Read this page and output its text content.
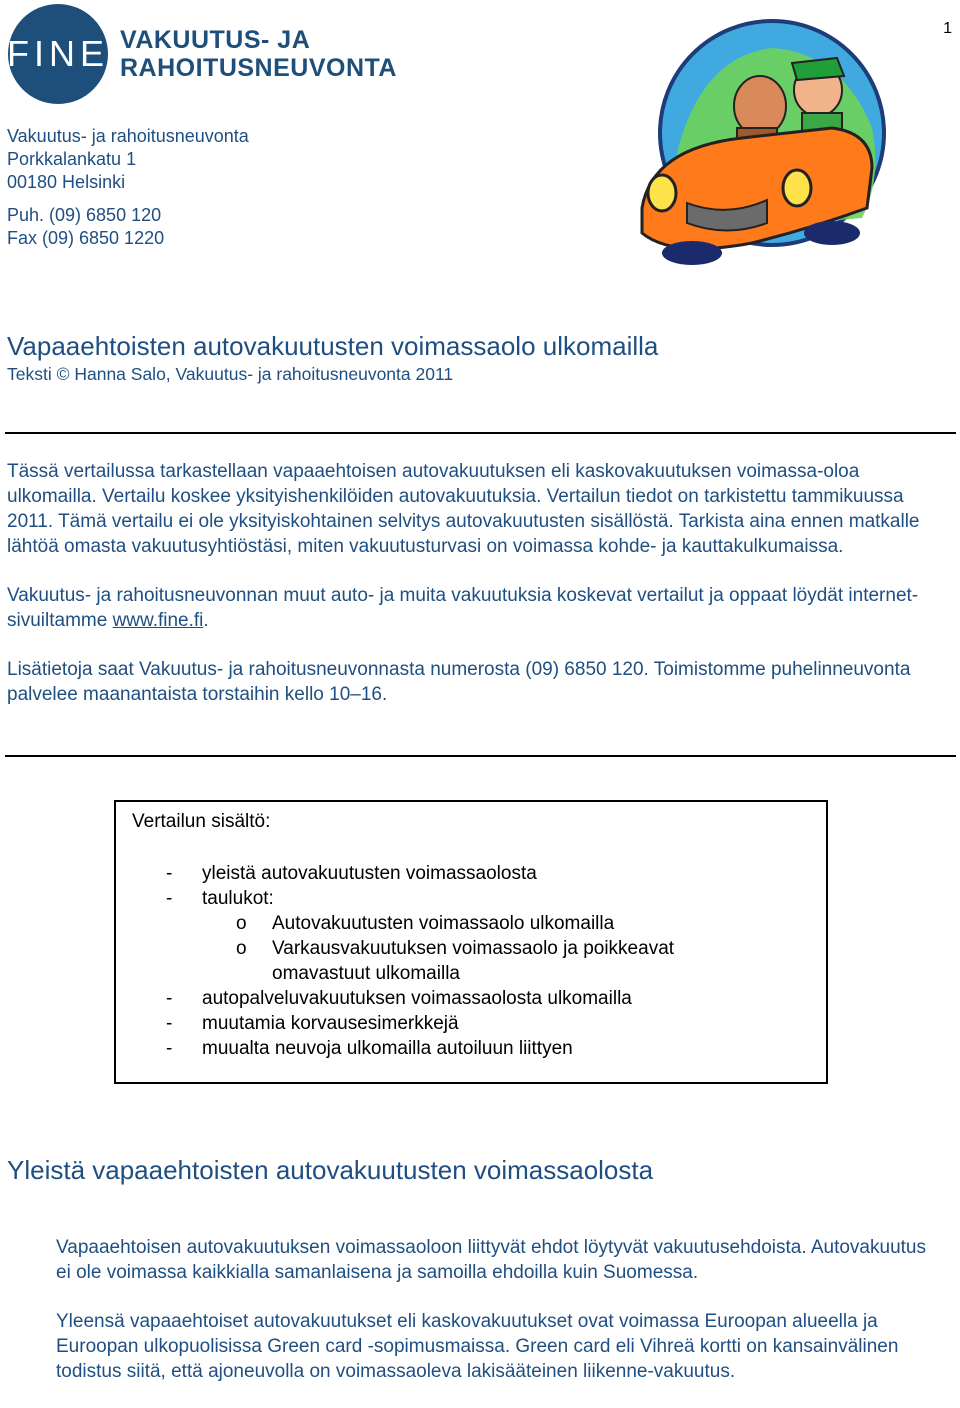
1
FINE VAKUUTUS- JA
RAHOITUSNEUVONTA
Vakuutus- ja rahoitusneuvonta
Porkkalankatu 1
00180 Helsinki
Puh. (09) 6850 120
Fax (09) 6850 1220
Vapaaehtoisten autovakuutusten voimassaolo ulkomailla
Teksti © Hanna Salo, Vakuutus- ja rahoitusneuvonta 2011

Tässä vertailussa tarkastellaan vapaaehtoisen autovakuutuksen eli kaskovakuutuksen voimassa-oloa ulkomailla. Vertailu koskee yksityishenkilöiden autovakuutuksia. Vertailun tiedot on tarkistettu tammikuussa 2011. Tämä vertailu ei ole yksityiskohtainen selvitys autovakuutusten sisällöstä. Tarkista aina ennen matkalle lähtöä omasta vakuutusyhtiöstäsi, miten vakuutusturvasi on voimassa kohde- ja kauttakulkumaissa.

Vakuutus- ja rahoitusneuvonnan muut auto- ja muita vakuutuksia koskevat vertailut ja oppaat löydät internet-sivuiltamme www.fine.fi.

Lisätietoja saat Vakuutus- ja rahoitusneuvonnasta numerosta (09) 6850 120. Toimistomme puhelinneuvonta palvelee maanantaista torstaihin kello 10–16.

Vertailun sisältö:
-	yleistä autovakuutusten voimassaolosta
-	taulukot:
o	Autovakuutusten voimassaolo ulkomailla
o	Varkausvakuutuksen voimassaolo ja poikkeavat omavastuut ulkomailla
-	autopalveluvakuutuksen voimassaolosta ulkomailla
-	muutamia korvausesimerkkejä
-	muualta neuvoja ulkomailla autoiluun liittyen
Yleistä vapaaehtoisten autovakuutusten voimassaolosta

Vapaaehtoisen autovakuutuksen voimassaoloon liittyvät ehdot löytyvät vakuutusehdoista. Autovakuutus ei ole voimassa kaikkialla samanlaisena ja samoilla ehdoilla kuin Suomessa.

Yleensä vapaaehtoiset autovakuutukset eli kaskovakuutukset ovat voimassa Euroopan alueella ja Euroopan ulkopuolisissa Green card -sopimusmaissa. Green card eli Vihreä kortti on kansainvälinen todistus siitä, että ajoneuvolla on voimassaoleva lakisääteinen liikenne-vakuutus.
